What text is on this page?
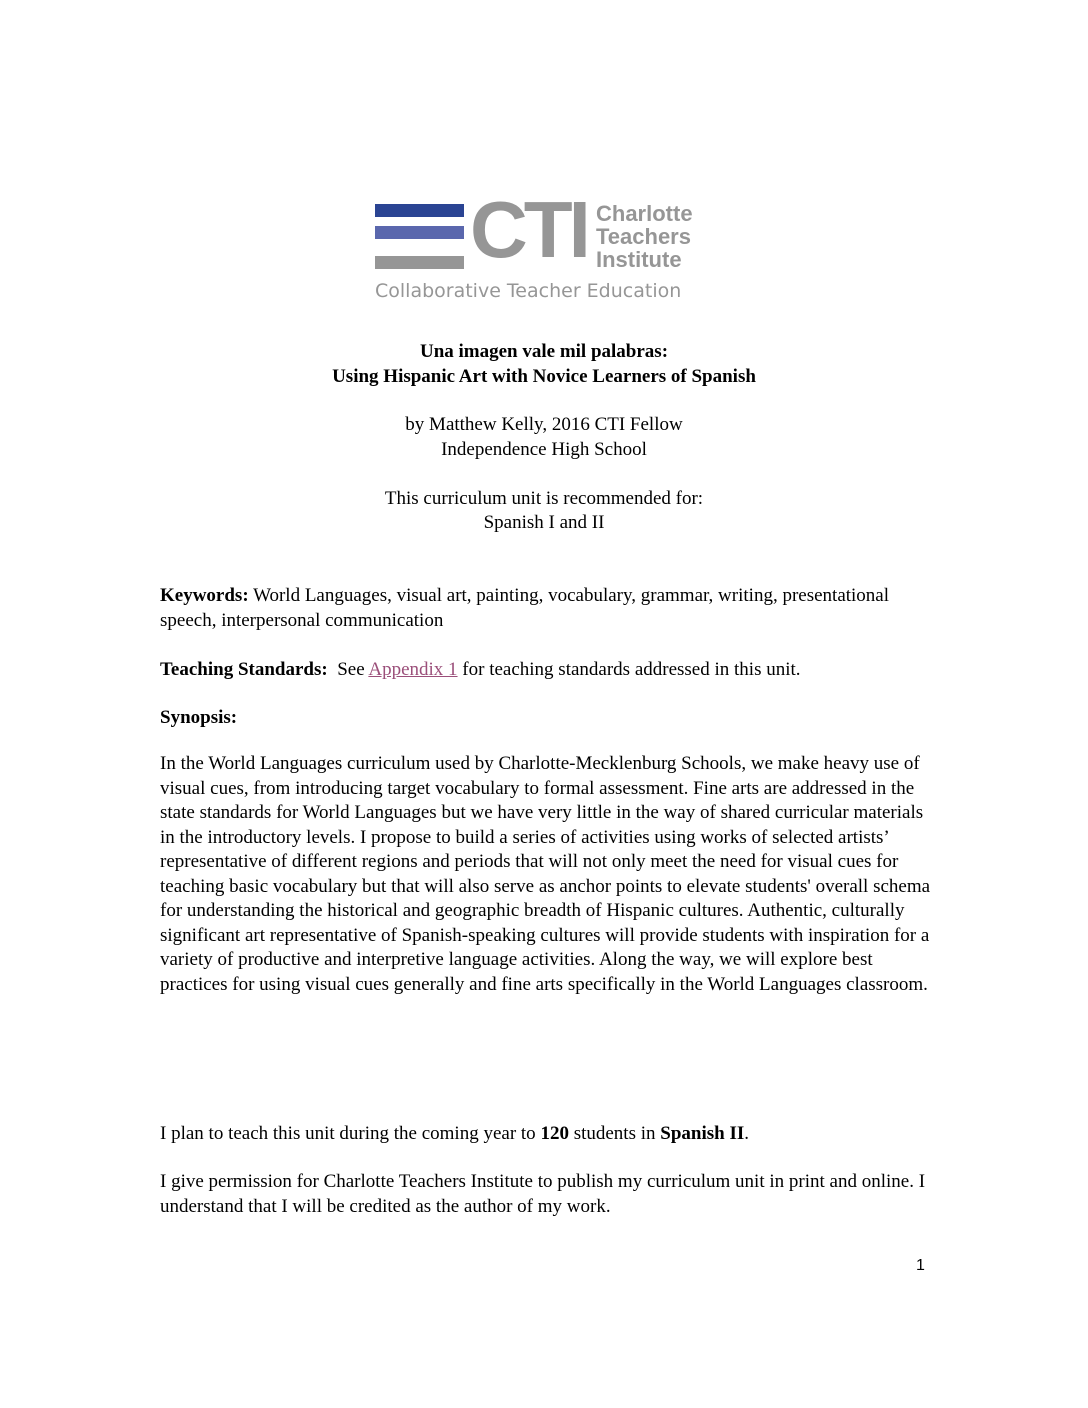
CTI Charlotte
Teachers
Institute
Collaborative Teacher Education
Una imagen vale mil palabras:
Using Hispanic Art with Novice Learners of Spanish
by Matthew Kelly, 2016 CTI Fellow
Independence High School
This curriculum unit is recommended for:
Spanish I and II
Keywords: World Languages, visual art, painting, vocabulary, grammar, writing, presentational speech, interpersonal communication
Teaching Standards:  See Appendix 1 for teaching standards addressed in this unit.
Synopsis:
In the World Languages curriculum used by Charlotte-Mecklenburg Schools, we make heavy use of visual cues, from introducing target vocabulary to formal assessment. Fine arts are addressed in the state standards for World Languages but we have very little in the way of shared curricular materials in the introductory levels. I propose to build a series of activities using works of selected artists’ representative of different regions and periods that will not only meet the need for visual cues for teaching basic vocabulary but that will also serve as anchor points to elevate students' overall schema for understanding the historical and geographic breadth of Hispanic cultures. Authentic, culturally significant art representative of Spanish-speaking cultures will provide students with inspiration for a variety of productive and interpretive language activities. Along the way, we will explore best practices for using visual cues generally and fine arts specifically in the World Languages classroom.
I plan to teach this unit during the coming year to 120 students in Spanish II.
I give permission for Charlotte Teachers Institute to publish my curriculum unit in print and online. I understand that I will be credited as the author of my work.
1
